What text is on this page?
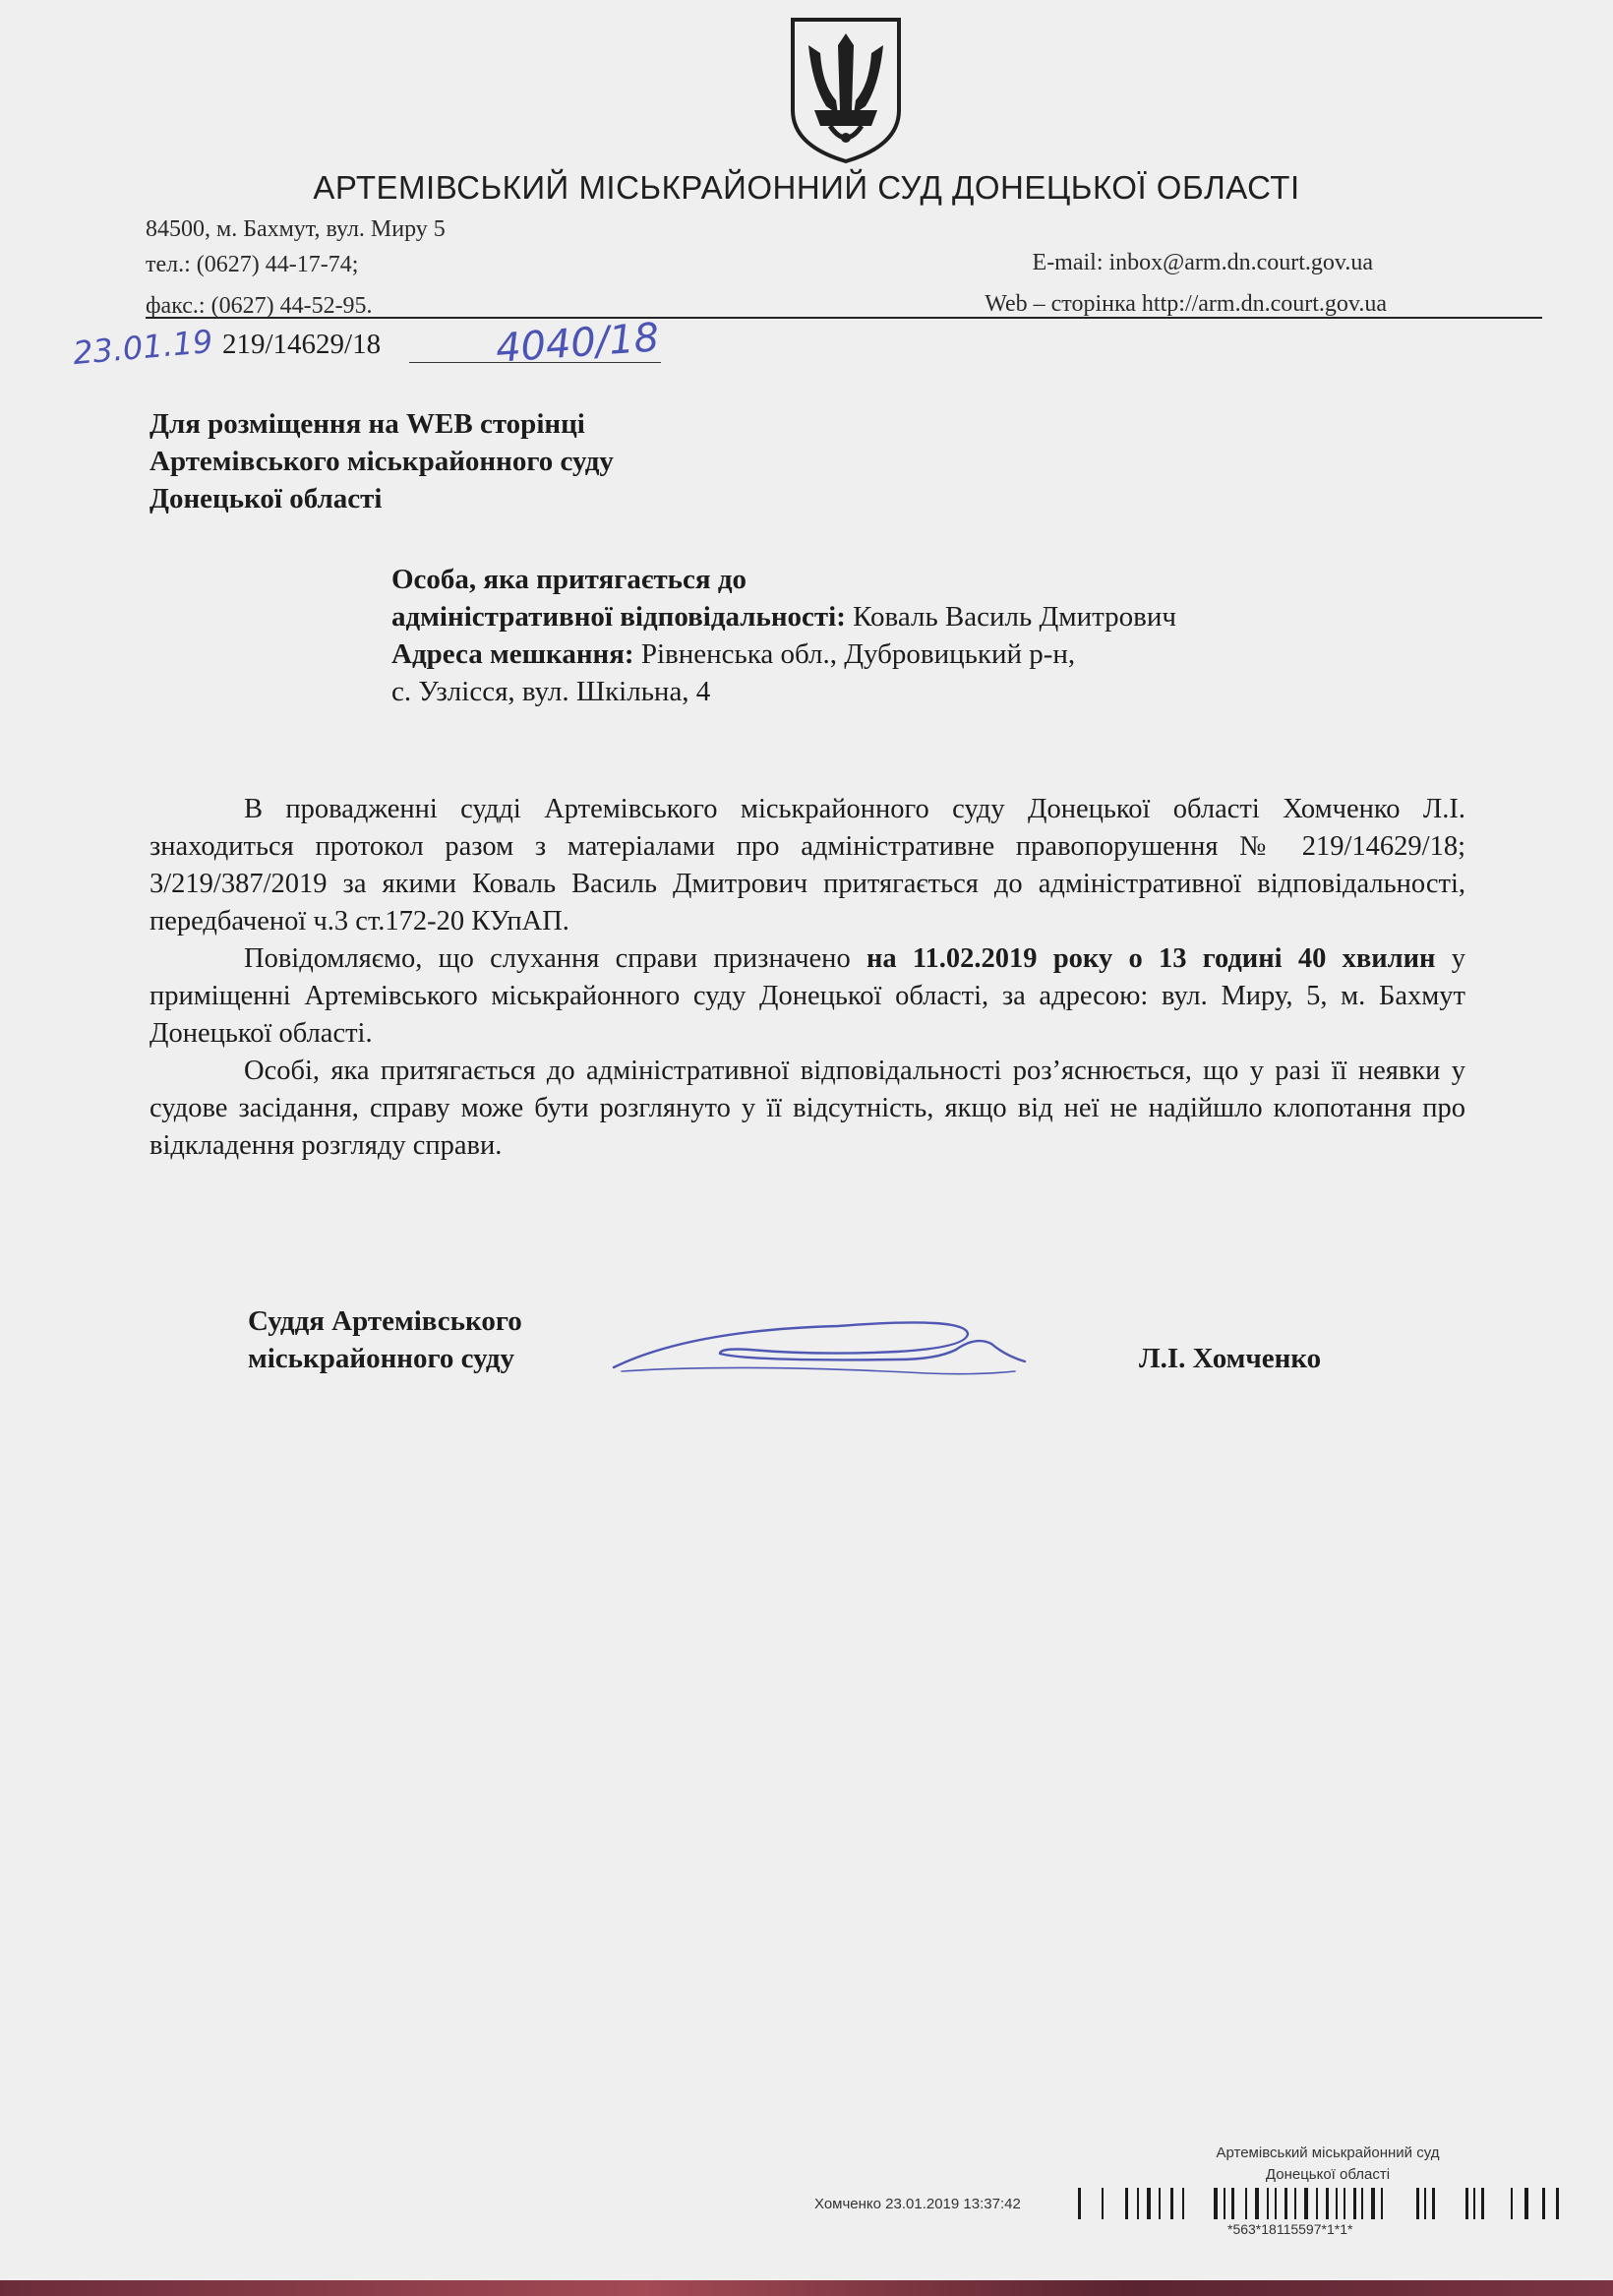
АРТЕМІВСЬКИЙ МІСЬКРАЙОННИЙ СУД ДОНЕЦЬКОЇ ОБЛАСТІ
84500, м. Бахмут, вул. Миру 5
тел.: (0627) 44-17-74;
факс.: (0627) 44-52-95.
E-mail: inbox@arm.dn.court.gov.ua
Web – сторінка http://arm.dn.court.gov.ua
23.01.19 219/14629/18	4040/18
Для розміщення на WEB сторінці
Артемівського міськрайонного суду
Донецької області
Особа, яка притягається до
адміністративної відповідальності: Коваль Василь Дмитрович
Адреса мешкання: Рівненська обл., Дубровицький р-н,
с. Узлісся, вул. Шкільна, 4

В провадженні судді Артемівського міськрайонного суду Донецької області Хомченко Л.І. знаходиться протокол разом з матеріалами про адміністративне правопорушення № 219/14629/18; 3/219/387/2019 за якими Коваль Василь Дмитрович притягається до адміністративної відповідальності, передбаченої ч.3 ст.172-20 КУпАП.

Повідомляємо, що слухання справи призначено на 11.02.2019 року о 13 годині 40 хвилин у приміщенні Артемівського міськрайонного суду Донецької області, за адресою: вул. Миру, 5, м. Бахмут Донецької області.

Особі, яка притягається до адміністративної відповідальності роз’яснюється, що у разі її неявки у судове засідання, справу може бути розглянуто у її відсутність, якщо від неї не надійшло клопотання про відкладення розгляду справи.

Суддя Артемівського
міськрайонного суду	Л.І. Хомченко
Артемівський міськрайонний суд
Донецької області
Хомченко 23.01.2019 13:37:42
*563*18115597*1*1*
